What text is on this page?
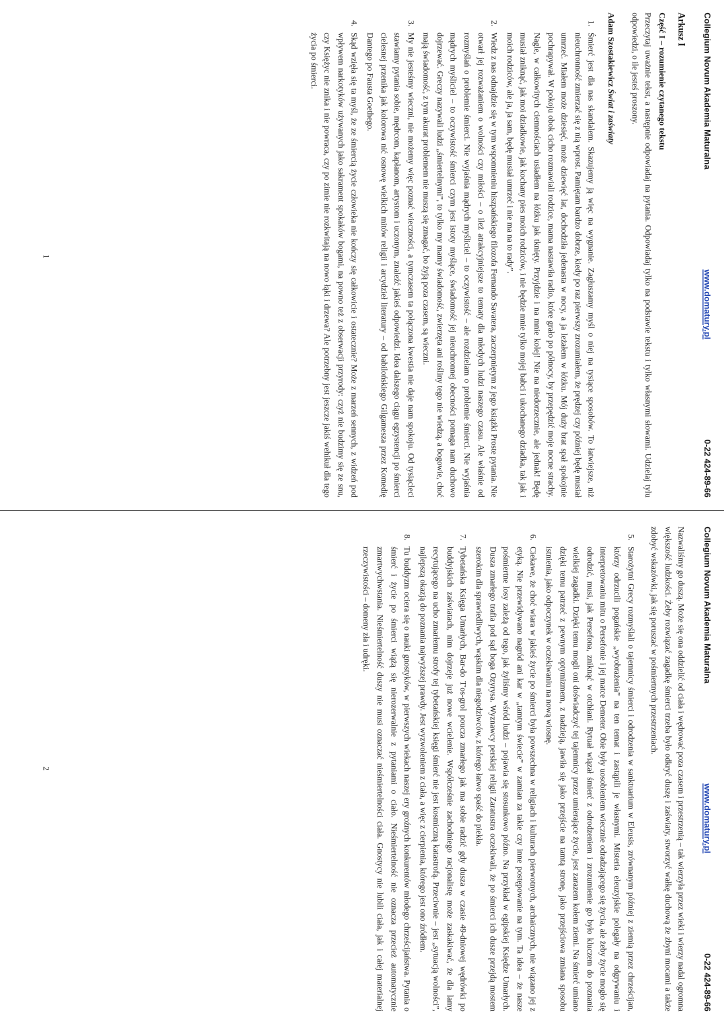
Collegium Novum Akademia Maturalna
www.domatury.pl
0-22 424-89-66

Arkusz I

Część I – rozumienie czytanego tekstu

Przeczytaj uważnie tekst, a następnie odpowiadaj na pytania. Odpowiadaj tylko na podstawie tekstu i tylko własnymi słowami. Udzielaj tylu odpowiedzi, o ile jesteś proszony.

Adam Szostakiewicz Świat i zaświaty

1. Śmierć jest dla nas skandalem. Skazujemy ją więc na wygnanie. Zagłuszamy myśl o niej na tysiące sposobów. To łatwiejsze, niż nieuchronność zmierzać się z nią wprost. Pamiętam bardzo dobrze, kiedy po raz pierwszy zrozumiałem, że prędzej czy później będę musiał umrzeć. Miałem może dziesięć, może dziewięć lat, dochodziła jedenasta w nocy, a ja leżałem w łóżku. Mój duży brat spał spokojnie pochrapywał. W pokoju obok cicho rozmawiali rodzice, mama nastawiła radio, które grało po północy, by przepędzić moje nocne strachy. Nagle, w całkowitych ciemnościach usiadłem na łóżku jak tknięty. Przyjdzie i na mnie kolej! Nie na niedorzecznie, ale jednak! Będę musiał zniknąć, jak moi dziadkowie, jak kochany pies moich rodziców, i nie będzie mnie tylko mojej babci i ukochanego dziadka, tak jak i moich rodziców, ale ja, ja sam, będę musiał umrzeć i nie ma na to rady”.
2. Wiedz z nas odnajdzie się w tym wspomnieniu hiszpańskiego filozofa Fernando Savatera, zaczerpniętym z jego książki Proste pytania. Nie otwarł jej rozważaniem o wolności czy miłości – o ileż atrakcyjniejsze to tematy dla młodych ludzi naszego czasu. Ale właśnie od rozmyślań o problemie śmierci. Nie wyjaśnia mądrych myśliciel – to oczywistość – ale rozdzielam o problemie śmierci. Nie wyjaśnia mądrych myśliciel – to oczywistość śmierci czym jest istoty myślące, świadomość jej nieuchronnej obecności pomaga nam duchowo dojrzewać. Greczy nazywali ludzi „śmiertelnymi”, to tylko my mamy świadomość, zwierzęta ani rośliny tego nie wiedzą, a bogowie, choć mają świadomość, z tym akurat problemem nie muszą się zmagać, bo żyją poza czasem, są wieczni.
3. My nie jesteśmy wieczni, nie możemy więc poznać wieczności, a tymczasem ta połączona kwestia nie daje nam spokoju. Od tysiącleci stawiamy pytania sobie, mędrcom, kapłanom, artystom i uczonym, znaleźć jakieś odpowiedzi. Idea dalszego ciągu egzystencji po śmierci cielesnej przenika jak kolorowa nić osnowę wielkich mitów religii i arcydzieł literatury – od babilońskiego Gilgamesza przez Komedię Dantego po Fausta Goethego.
4. Skąd wzięła się ta myśl, że ze śmiercią życie człowieka nie kończy się całkowicie i ostatecznie? Może z marzeń sennych, z widzeń pod wpływem narkotyków używanych jako sakrament spokaków bogami, na powno też z obserwacji przyrody: czyż nie budzimy się ze snu, czy Księżyc nie znika i nie powraca, czy po zimie nie rozkwitają na nowo łąki i drzewa? Ale potrzebny jest jeszcze jakiś wehikuł dla tego życia po śmierci.
1
Collegium Novum Akademia Maturalna
www.domatury.pl
0-22 424-89-66

Nazwaliśmy go duszą. Może się ona oddzielić od ciała i wędrować poza czasem i przestrzenią – tak wierzyła przez wieki i wierzy nadal ogromna większość ludzkości. Żeby rozwiązać zagadkę śmierci trzeba było odkryć duszę i zaświaty, stworzyć wałkę duchową że zbyni mocami a także zdobyć wskazówki, jak się poruszać w pośmiertnych przestrzeniach.

5. Starożytni Grecy rozmyślali o tajemnicy śmierci i odrodzenia w sanktuarium w Eleusis, zrównanym później z ziemią przez chrześcijan, którzy odrzucili pogańskie „wyobrażenia” na ten temat i zastąpili je własnymi. Misteria eleuzyjskie polegały na odgrywaniu i interpretowaniu mitu o Persefonie i jej matce Demeter. Obie były uosobieniem wiecznie odradzającego się życia, ale żeby życie mogło się odrodzić, musi, jak Persefona, zniknąć w otchłani. Rytuał wiązał śmierć z odrodzeniem i zrozumienie go było kluczem do poznania wielkiej zagadki. Dzięki temu mogli oni doświadczyć tej tajemnicy przez umierające życie, jest zarazem kołem ziemi. Na śmierć umiano dzięki temu patrzeć z pewnym optymizmem, z nadzieją, jawiła się jako przejście na tamtą stronę, jako przejściowa zmiana sposobu istnienia, jako odpoczynek w oczekiwaniu na nową wiosnę.
6. Ciekawe, że choć wiara w jakieś życie po śmierci była powszechna w religiach i kulturach pierwotnych, archaicznych, nie wiązano jej z etyką. Nie przewidywano nagród ani kar w „tamtym świecie” w zamian za takie czy inne postępowanie na tym. Ta idea – że nasze pośmiertne losy zależą od tego, jak żyliśmy wśród ludzi – pojawia się stosunkowo późno. Na przykład w egipskiej Księdze Umarłych. Dusza zmarłego trafia pod sąd boga Ozyrysa. Wyznawcy perskiej religii Zaratustra oczekiwali, że po śmierci ich dusze przejdą mostem szerokim dla sprawiedliwych, wąskim dla niegodziwców, z którego łatwo spaść do piekła.
7. Tybetańska Księga Umarłych, Bar-do T'os-grol poucza zmarłego jak ma sobie radzić gdy dusza w czasie 49-dniowej wędrówki po buddyjskich zaświatach, nim dojrzeje już nowe wcielenie. Współcześnie zachodniego racjonalistę może zaskakiwać, że dla lamy recytującego na ucho zmarłemu strofy tej tybetańskiej księgi śmierć nie jest kosmiczną katastrofą. Przeciwnie – jest „sytuacją wolności”, najlepszą okazją do poznania najwyższej prawdy. Jest wyzwoleniem z ciała, a więc z cierpienia, którego jest ono źródłem.
8. Tu buddyzm ociera się o nauki gnostyków, w pierwszych wiekach naszej ery groźnych konkurentów młodego chrześcijaństwa. Pytania o śmierć i życie po śmierci wiążą się nierozerwalnie z pytaniami o ciało. Nieśmiertelność nie oznacza przecież automatycznie zmartwychwstania. Nieśmiertelność duszy nie musi oznaczać nieśmiertelności ciała. Gnostycy nie lubili ciała, jak i całej materialnej rzeczywistości – domeny zła i udręki.
2
